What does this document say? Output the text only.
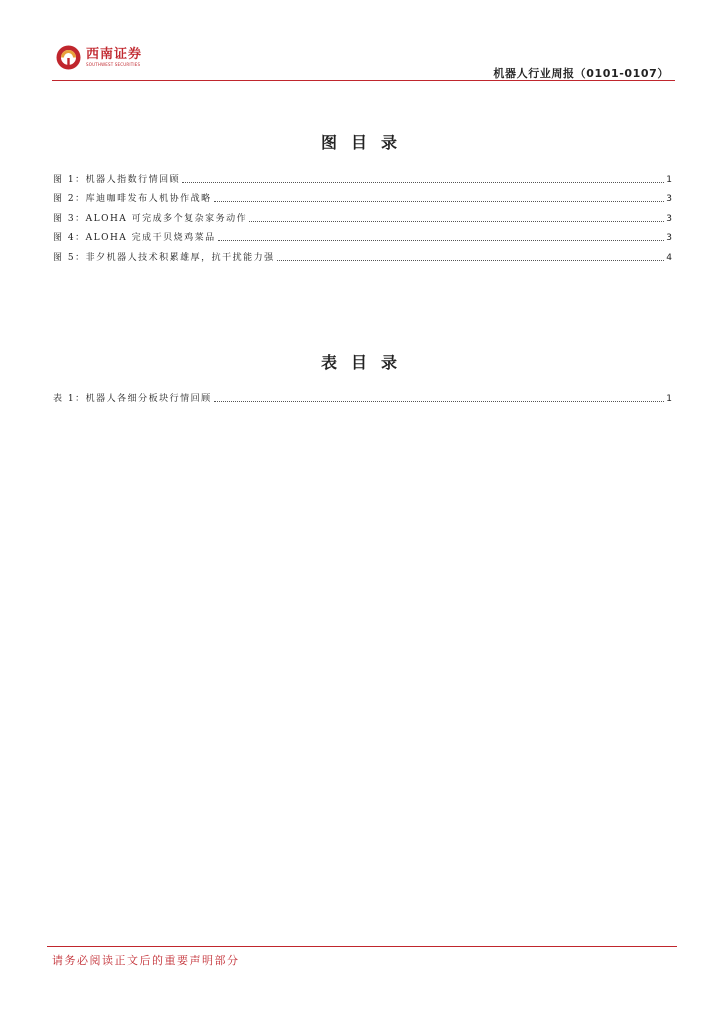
西南证券
SOUTHWEST SECURITIES
机器人行业周报（0101-0107）
图目录
图 1：机器人指数行情回顾	1
图 2：库迪咖啡发布人机协作战略	3
图 3：ALOHA 可完成多个复杂家务动作	3
图 4：ALOHA 完成干贝烧鸡菜品	3
图 5：非夕机器人技术积累雄厚，抗干扰能力强	4
表目录
表 1：机器人各细分板块行情回顾	1
请务必阅读正文后的重要声明部分
